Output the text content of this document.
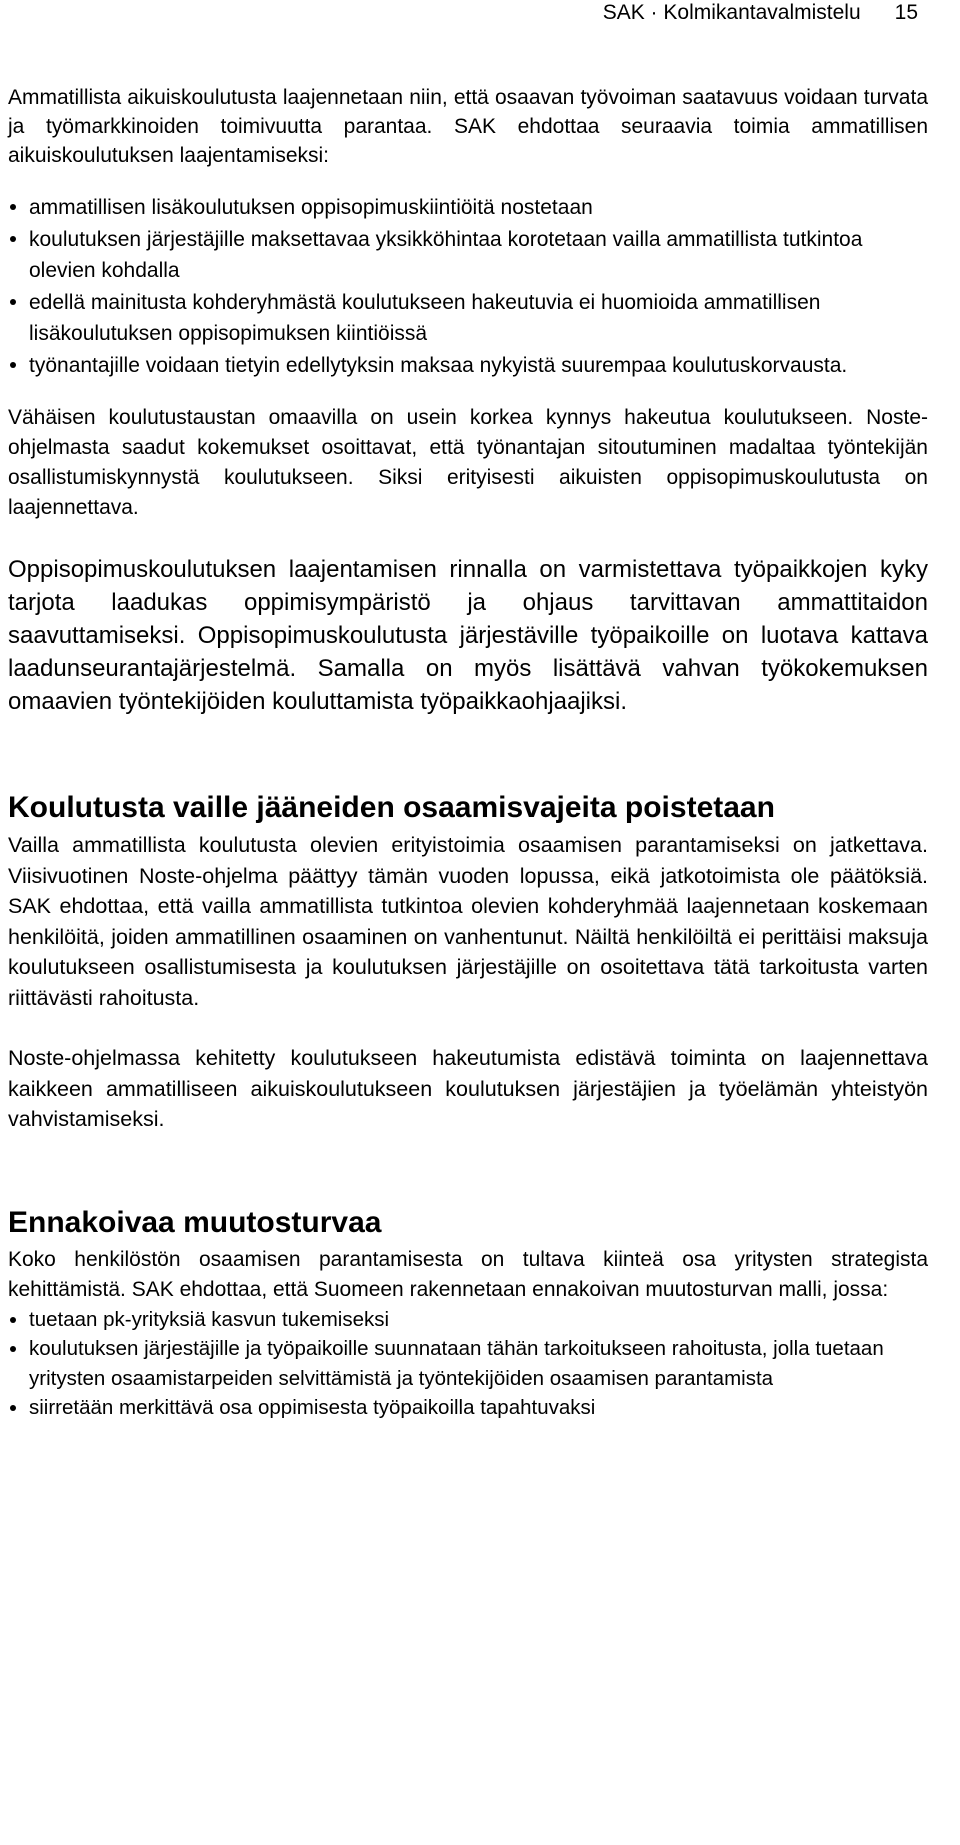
SAK · Kolmikantavalmistelu 15

Ammatillista aikuiskoulutusta laajennetaan niin, että osaavan työvoiman saatavuus voidaan turvata ja työmarkkinoiden toimivuutta parantaa. SAK ehdottaa seuraavia toimia ammatillisen aikuiskoulutuksen laajentamiseksi:

ammatillisen lisäkoulutuksen oppisopimuskiintiöitä nostetaan
koulutuksen järjestäjille maksettavaa yksikköhintaa korotetaan vailla ammatillista tutkintoa olevien kohdalla
edellä mainitusta kohderyhmästä koulutukseen hakeutuvia ei huomioida ammatillisen lisäkoulutuksen oppisopimuksen kiintiöissä
työnantajille voidaan tietyin edellytyksin maksaa nykyistä suurempaa koulutuskorvausta.

Vähäisen koulutustaustan omaavilla on usein korkea kynnys hakeutua koulutukseen. Noste-ohjelmasta saadut kokemukset osoittavat, että työnantajan sitoutuminen madaltaa työntekijän osallistumiskynnystä koulutukseen. Siksi erityisesti aikuisten oppisopimuskoulutusta on laajennettava.

Oppisopimuskoulutuksen laajentamisen rinnalla on varmistettava työpaikkojen kyky tarjota laadukas oppimisympäristö ja ohjaus tarvittavan ammattitaidon saavuttamiseksi. Oppisopimuskoulutusta järjestäville työpaikoille on luotava kattava laadunseurantajärjestelmä. Samalla on myös lisättävä vahvan työkokemuksen omaavien työntekijöiden kouluttamista työpaikkaohjaajiksi.

Koulutusta vaille jääneiden osaamisvajeita poistetaan

Vailla ammatillista koulutusta olevien erityistoimia osaamisen parantamiseksi on jatkettava. Viisivuotinen Noste-ohjelma päättyy tämän vuoden lopussa, eikä jatkotoimista ole päätöksiä. SAK ehdottaa, että vailla ammatillista tutkintoa olevien kohderyhmää laajennetaan koskemaan henkilöitä, joiden ammatillinen osaaminen on vanhentunut. Näiltä henkilöiltä ei perittäisi maksuja koulutukseen osallistumisesta ja koulutuksen järjestäjille on osoitettava tätä tarkoitusta varten riittävästi rahoitusta.

Noste-ohjelmassa kehitetty koulutukseen hakeutumista edistävä toiminta on laajennettava kaikkeen ammatilliseen aikuiskoulutukseen koulutuksen järjestäjien ja työelämän yhteistyön vahvistamiseksi.

Ennakoivaa muutosturvaa

Koko henkilöstön osaamisen parantamisesta on tultava kiinteä osa yritysten strategista kehittämistä. SAK ehdottaa, että Suomeen rakennetaan ennakoivan muutosturvan malli, jossa:

tuetaan pk-yrityksiä kasvun tukemiseksi
koulutuksen järjestäjille ja työpaikoille suunnataan tähän tarkoitukseen rahoitusta, jolla tuetaan yritysten osaamistarpeiden selvittämistä ja työntekijöiden osaamisen parantamista
siirretään merkittävä osa oppimisesta työpaikoilla tapahtuvaksi
